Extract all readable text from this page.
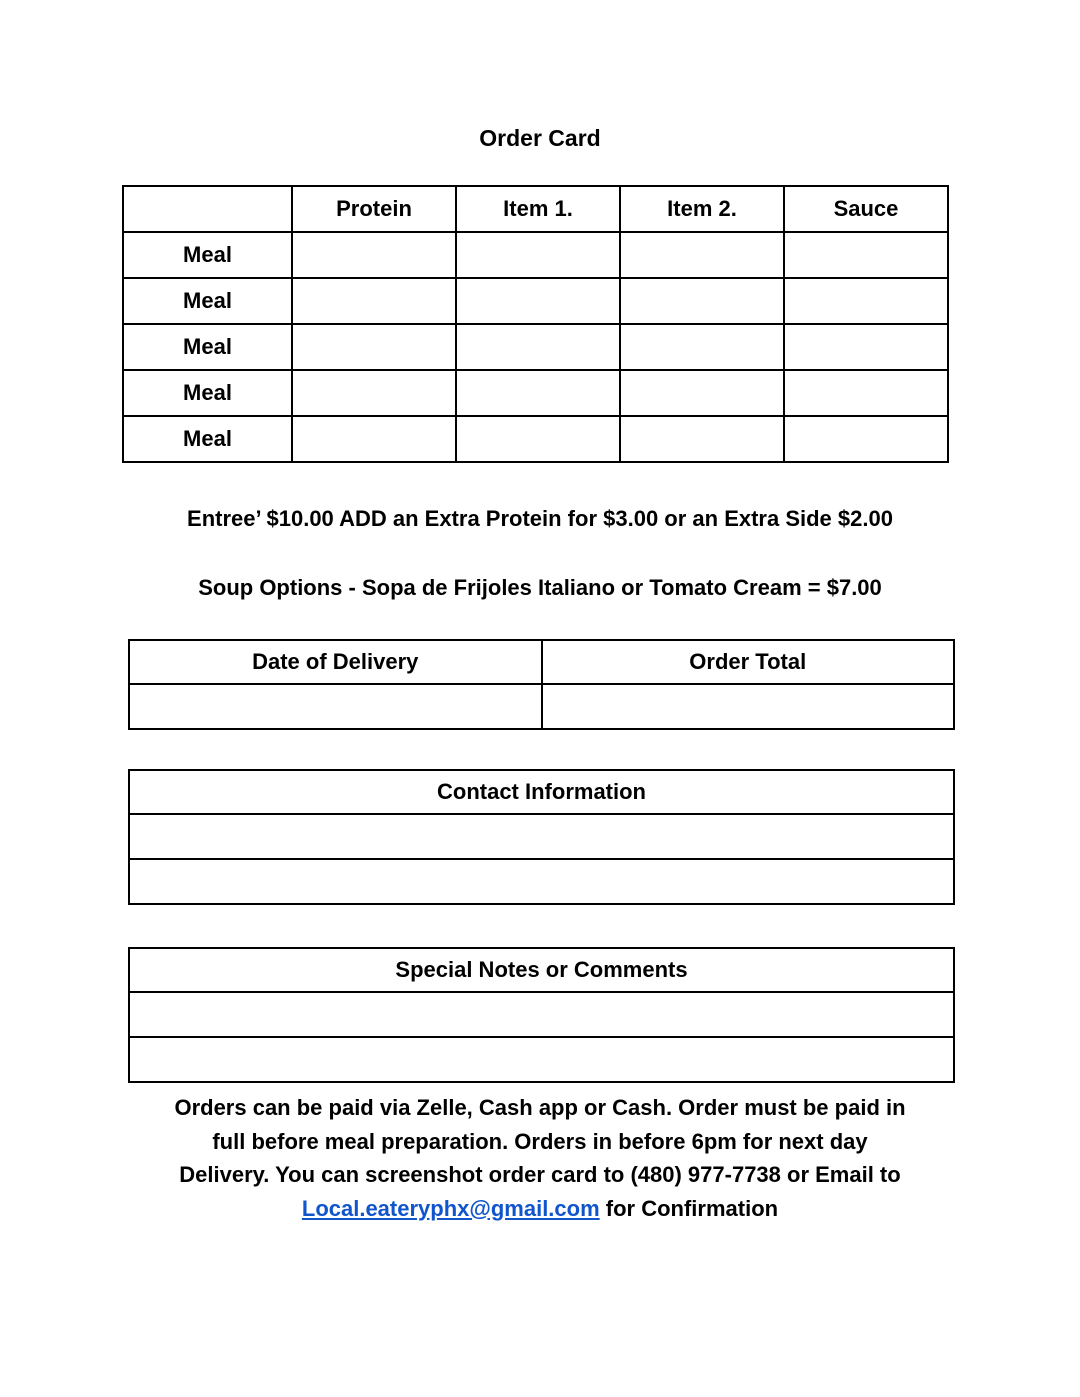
Order Card
	Protein	Item 1.	Item 2.	Sauce
Meal				
Meal				
Meal				
Meal				
Meal				
Entree’ $10.00 ADD an Extra Protein for $3.00 or an Extra Side $2.00
Soup Options - Sopa de Frijoles Italiano or Tomato Cream = $7.00
Date of Delivery	Order Total

Contact Information

Special Notes or Comments

Orders can be paid via Zelle, Cash app or Cash. Order must be paid in
full before meal preparation. Orders in before 6pm for next day
Delivery. You can screenshot order card to (480) 977-7738 or Email to
Local.eateryphx@gmail.com for Confirmation
